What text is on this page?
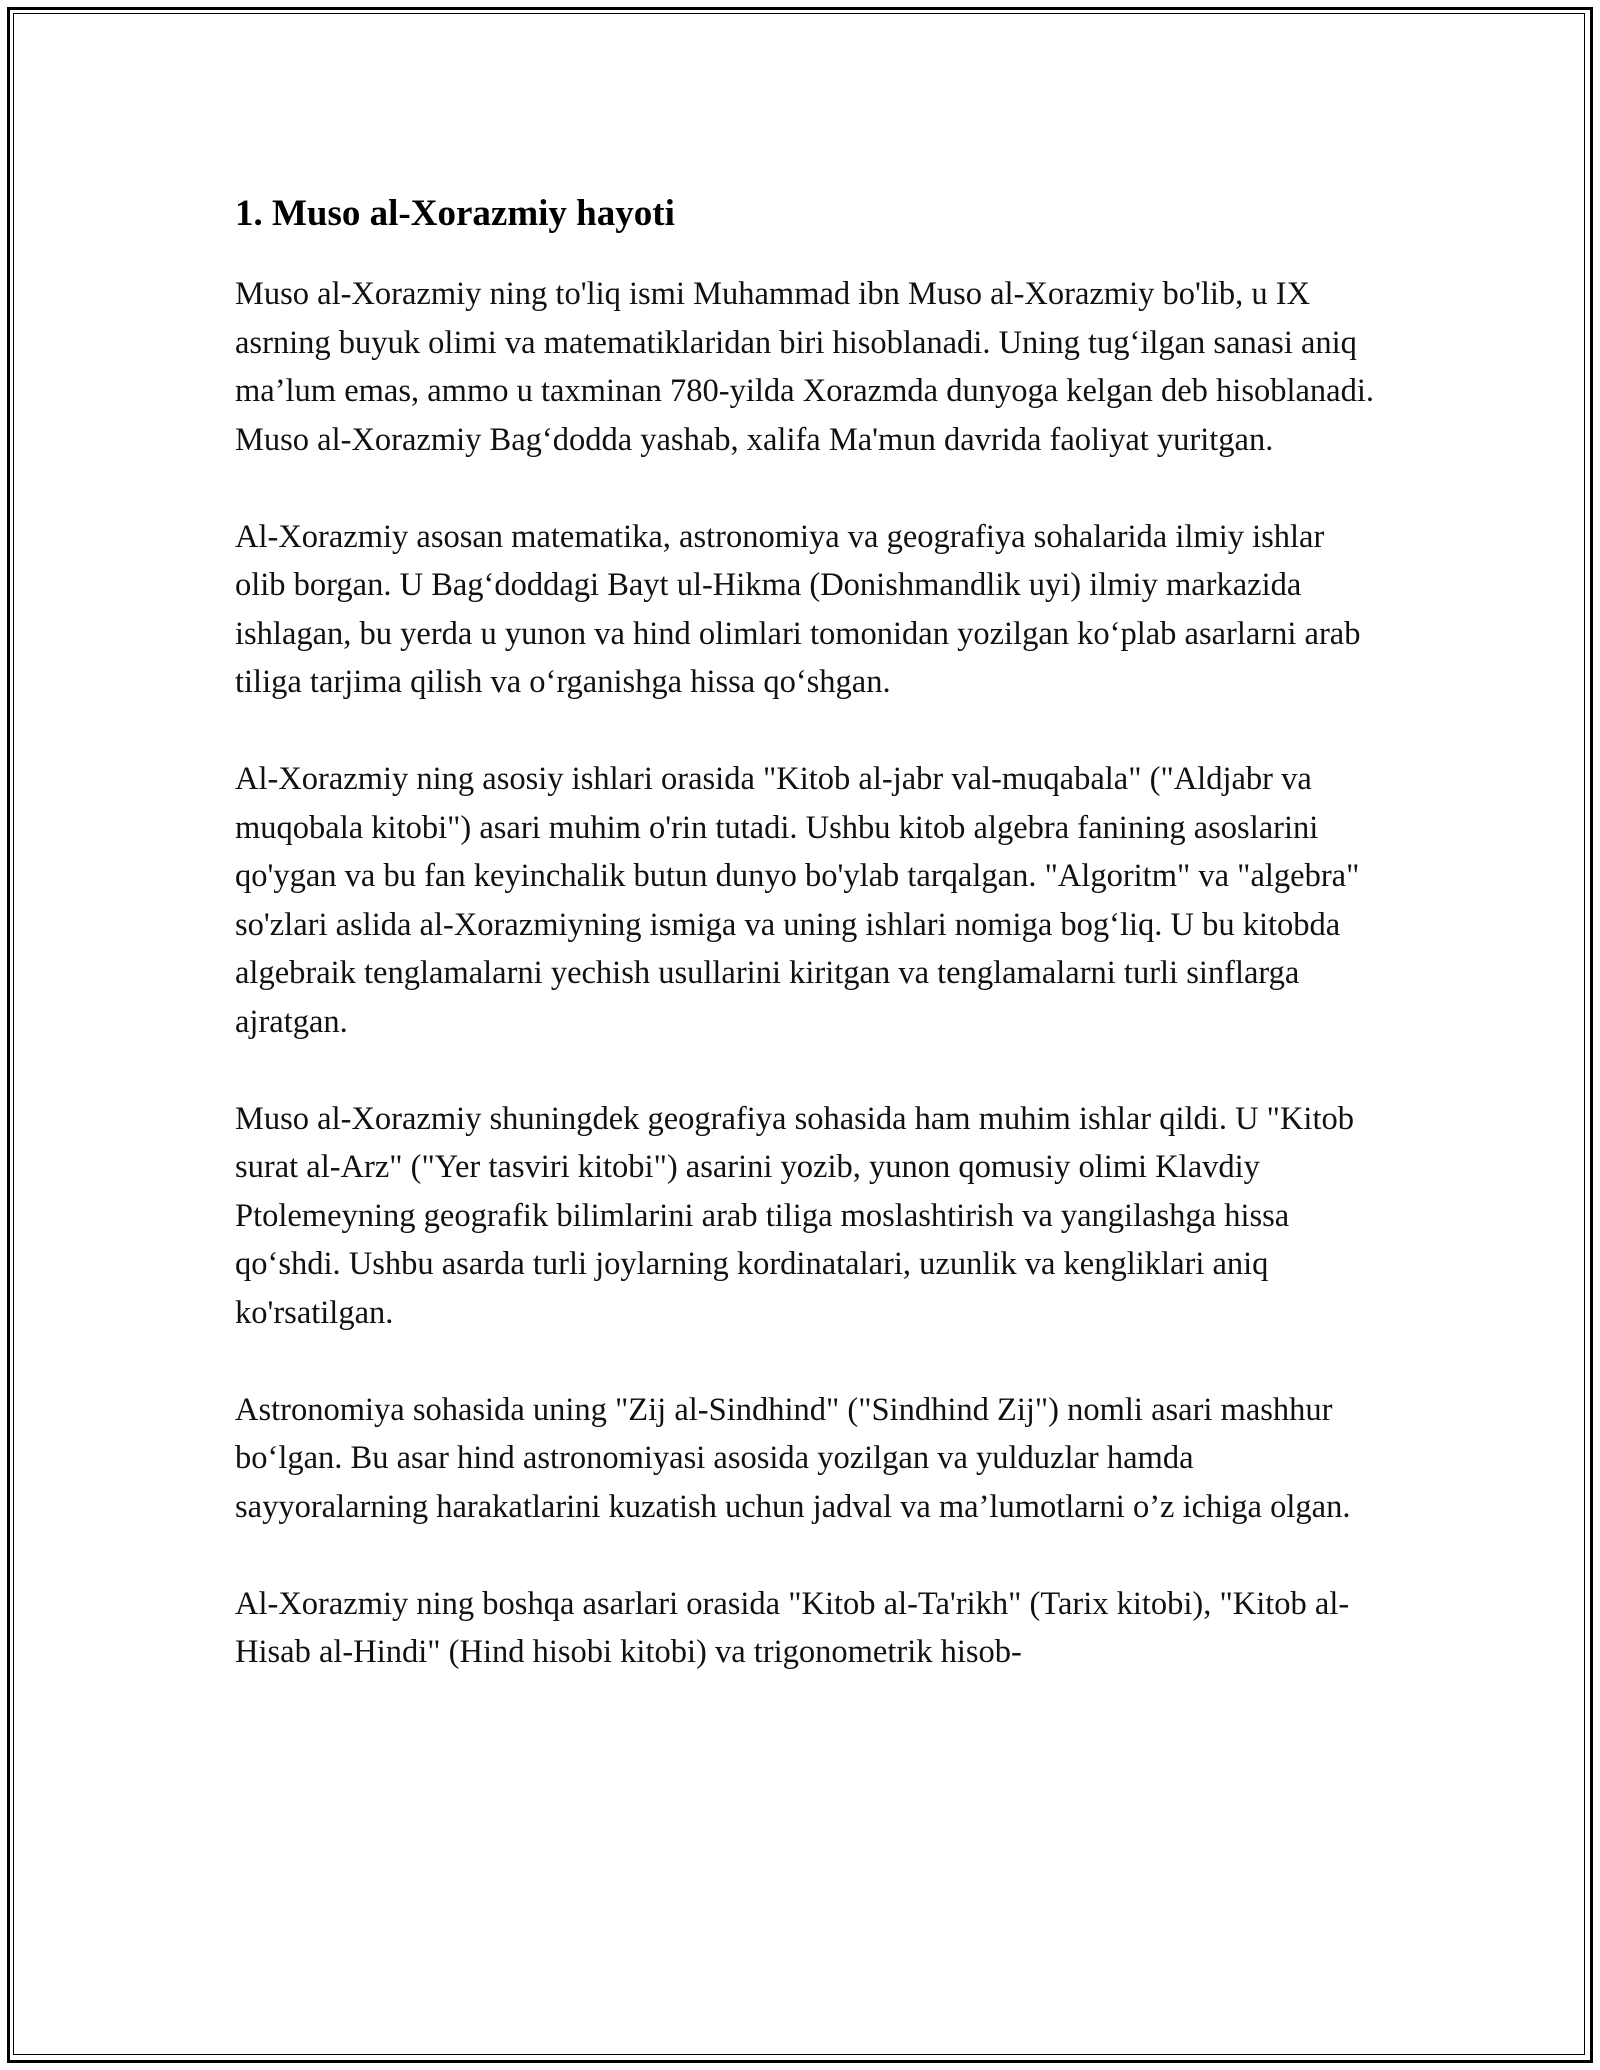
1. Muso al-Xorazmiy hayoti

Muso al-Xorazmiy ning to'liq ismi Muhammad ibn Muso al-Xorazmiy bo'lib, u IX asrning buyuk olimi va matematiklaridan biri hisoblanadi. Uning tug‘ilgan sanasi aniq ma’lum emas, ammo u taxminan 780-yilda Xorazmda dunyoga kelgan deb hisoblanadi. Muso al-Xorazmiy Bag‘dodda yashab, xalifa Ma'mun davrida faoliyat yuritgan.

Al-Xorazmiy asosan matematika, astronomiya va geografiya sohalarida ilmiy ishlar olib borgan. U Bag‘doddagi Bayt ul-Hikma (Donishmandlik uyi) ilmiy markazida ishlagan, bu yerda u yunon va hind olimlari tomonidan yozilgan ko‘plab asarlarni arab tiliga tarjima qilish va o‘rganishga hissa qo‘shgan.

Al-Xorazmiy ning asosiy ishlari orasida "Kitob al-jabr val-muqabala" ("Aldjabr va muqobala kitobi") asari muhim o'rin tutadi. Ushbu kitob algebra fanining asoslarini qo'ygan va bu fan keyinchalik butun dunyo bo'ylab tarqalgan. "Algoritm" va "algebra" so'zlari aslida al-Xorazmiyning ismiga va uning ishlari nomiga bog‘liq. U bu kitobda algebraik tenglamalarni yechish usullarini kiritgan va tenglamalarni turli sinflarga ajratgan.

Muso al-Xorazmiy shuningdek geografiya sohasida ham muhim ishlar qildi. U "Kitob surat al-Arz" ("Yer tasviri kitobi") asarini yozib, yunon qomusiy olimi Klavdiy Ptolemeyning geografik bilimlarini arab tiliga moslashtirish va yangilashga hissa qo‘shdi. Ushbu asarda turli joylarning kordinatalari, uzunlik va kengliklari aniq ko'rsatilgan.

Astronomiya sohasida uning "Zij al-Sindhind" ("Sindhind Zij") nomli asari mashhur bo‘lgan. Bu asar hind astronomiyasi asosida yozilgan va yulduzlar hamda sayyoralarning harakatlarini kuzatish uchun jadval va ma’lumotlarni o’z ichiga olgan.

Al-Xorazmiy ning boshqa asarlari orasida "Kitob al-Ta'rikh" (Tarix kitobi), "Kitob al-Hisab al-Hindi" (Hind hisobi kitobi) va trigonometrik hisob-
